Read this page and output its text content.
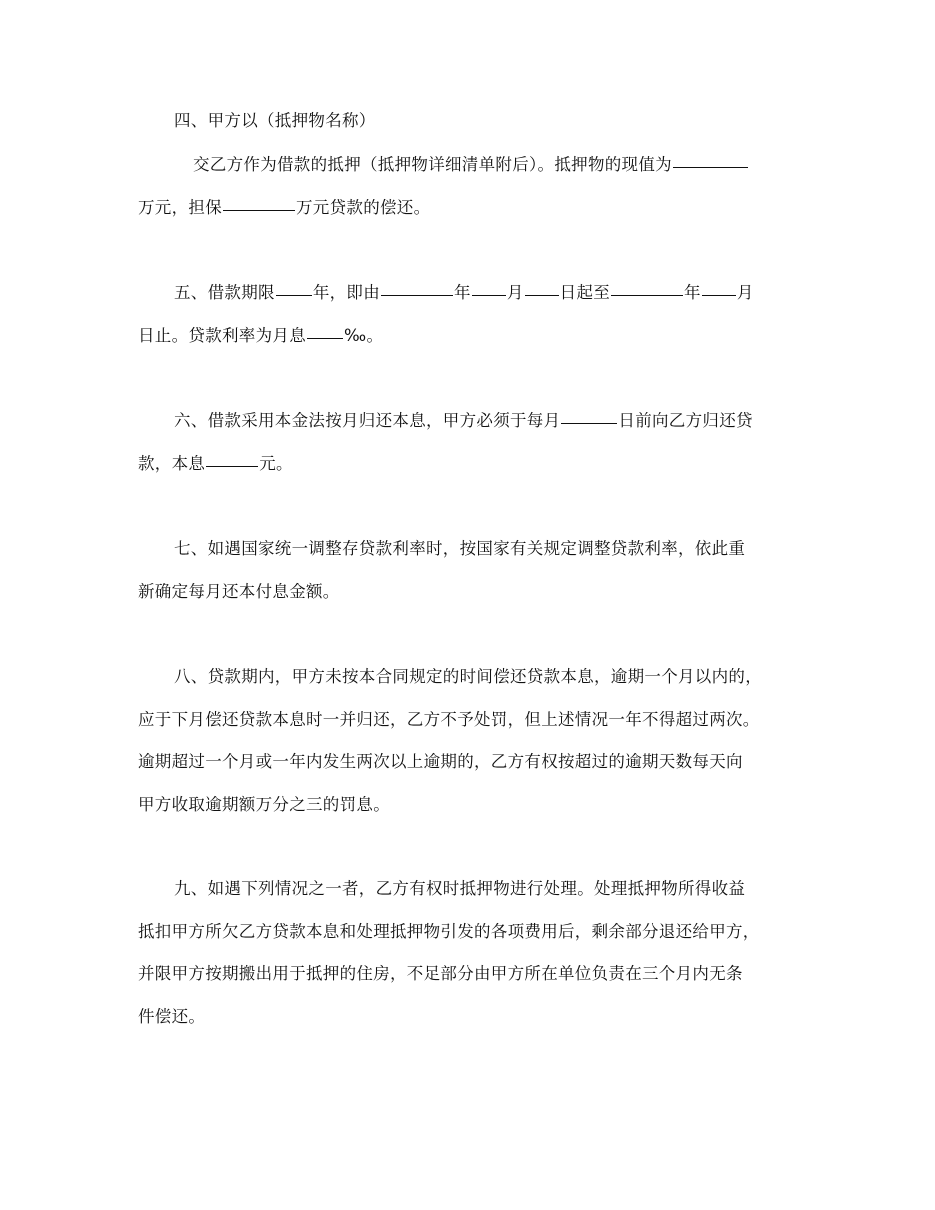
四、甲方以（抵押物名称）
交乙方作为借款的抵押（抵押物详细清单附后）。抵押物的现值为
万元，担保	万元贷款的偿还。
五、借款期限 年，即由	年 月 日起至	年 月
日止。贷款利率为月息 ‰。
六、借款采用本金法按月归还本息，甲方必须于每月	日前向乙方归还贷
款，本息	元。
七、如遇国家统一调整存贷款利率时，按国家有关规定调整贷款利率，依此重
新确定每月还本付息金额。
八、贷款期内，甲方未按本合同规定的时间偿还贷款本息，逾期一个月以内的，
应于下月偿还贷款本息时一并归还，乙方不予处罚，但上述情况一年不得超过两次。
逾期超过一个月或一年内发生两次以上逾期的，乙方有权按超过的逾期天数每天向
甲方收取逾期额万分之三的罚息。
九、如遇下列情况之一者，乙方有权时抵押物进行处理。处理抵押物所得收益
抵扣甲方所欠乙方贷款本息和处理抵押物引发的各项费用后，剩余部分退还给甲方，
并限甲方按期搬出用于抵押的住房，不足部分由甲方所在单位负责在三个月内无条
件偿还。
